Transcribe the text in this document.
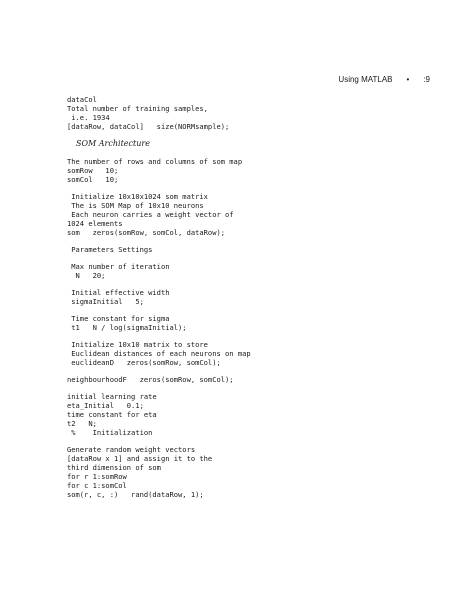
Using MATLAB • :9
dataCol
Total number of training samples,
i.e. 1934
[dataRow, dataCol]   size(NORMsample);
SOM Architecture
The number of rows and columns of som map
somRow   10;
somCol   10;
Initialize 10x10x1024 som matrix
The is SOM Map of 10x10 neurons
Each neuron carries a weight vector of
1024 elements
som   zeros(somRow, somCol, dataRow);
Parameters Settings
Max number of iteration
N   20;
Initial effective width
sigmaInitial   5;
Time constant for sigma
t1   N / log(sigmaInitial);
Initialize 10x10 matrix to store
Euclidean distances of each neurons on map
euclideanD   zeros(somRow, somCol);
neighbourhoodF   zeros(somRow, somCol);
initial learning rate
eta_Initial   0.1;
time constant for eta
t2   N;
%    Initialization
Generate random weight vectors
[dataRow x 1] and assign it to the
third dimension of som
for r 1:somRow
for c 1:somCol
som(r, c, :)   rand(dataRow, 1);
